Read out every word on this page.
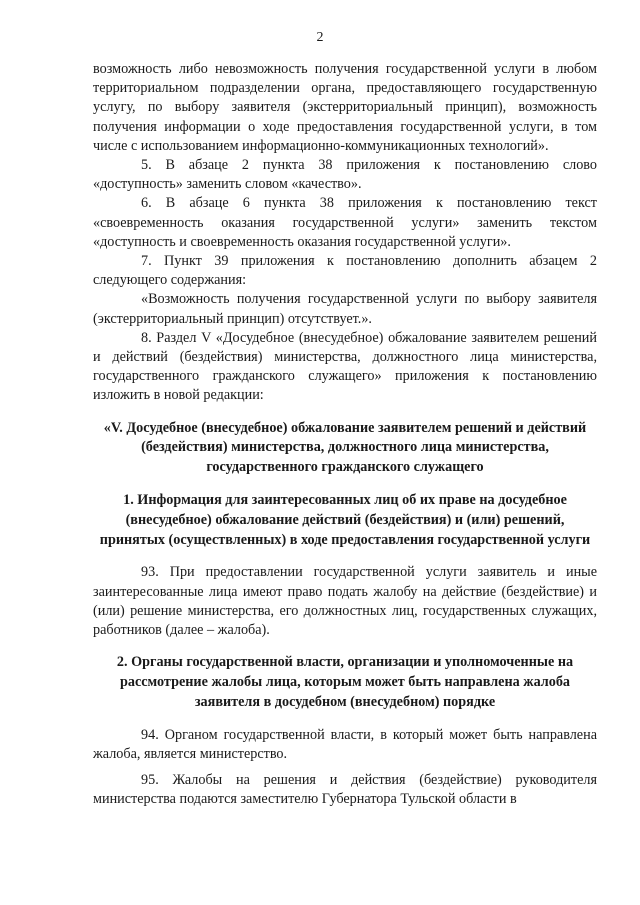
2

возможность либо невозможность получения государственной услуги в любом территориальном подразделении органа, предоставляющего государственную услугу, по выбору заявителя (экстерриториальный принцип), возможность получения информации о ходе предоставления государственной услуги, в том числе с использованием информационно-коммуникационных технологий».

5. В абзаце 2 пункта 38 приложения к постановлению слово «доступность» заменить словом «качество».

6. В абзаце 6 пункта 38 приложения к постановлению текст «своевременность оказания государственной услуги» заменить текстом «доступность и своевременность оказания государственной услуги».

7. Пункт 39 приложения к постановлению дополнить абзацем 2 следующего содержания:

«Возможность получения государственной услуги по выбору заявителя (экстерриториальный принцип) отсутствует.».

8. Раздел V «Досудебное (внесудебное) обжалование заявителем решений и действий (бездействия) министерства, должностного лица министерства, государственного гражданского служащего» приложения к постановлению изложить в новой редакции:

«V. Досудебное (внесудебное) обжалование заявителем решений и действий (бездействия) министерства, должностного лица министерства, государственного гражданского служащего

1. Информация для заинтересованных лиц об их праве на досудебное (внесудебное) обжалование действий (бездействия) и (или) решений, принятых (осуществленных) в ходе предоставления государственной услуги

93. При предоставлении государственной услуги заявитель и иные заинтересованные лица имеют право подать жалобу на действие (бездействие) и (или) решение министерства, его должностных лиц, государственных служащих, работников (далее – жалоба).

2. Органы государственной власти, организации и уполномоченные на рассмотрение жалобы лица, которым может быть направлена жалоба заявителя в досудебном (внесудебном) порядке

94. Органом государственной власти, в который может быть направлена жалоба, является министерство.

95. Жалобы на решения и действия (бездействие) руководителя министерства подаются заместителю Губернатора Тульской области в
